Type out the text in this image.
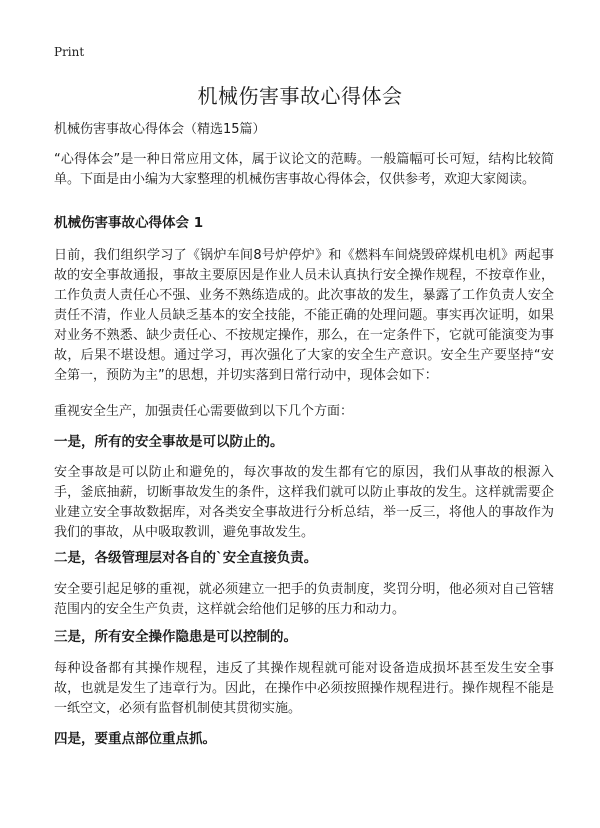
Print
机械伤害事故心得体会

机械伤害事故心得体会（精选15篇）

“心得体会”是一种日常应用文体，属于议论文的范畴。一般篇幅可长可短，结构比较简单。下面是由小编为大家整理的机械伤害事故心得体会，仅供参考，欢迎大家阅读。

机械伤害事故心得体会 1

日前，我们组织学习了《锅炉车间8号炉停炉》和《燃料车间烧毁碎煤机电机》两起事故的安全事故通报，事故主要原因是作业人员未认真执行安全操作规程，不按章作业，工作负责人责任心不强、业务不熟练造成的。此次事故的发生，暴露了工作负责人安全责任不清，作业人员缺乏基本的安全技能，不能正确的处理问题。事实再次证明，如果对业务不熟悉、缺少责任心、不按规定操作，那么，在一定条件下，它就可能演变为事故，后果不堪设想。通过学习，再次强化了大家的安全生产意识。安全生产要坚持“安全第一，预防为主”的思想，并切实落到日常行动中，现体会如下：

重视安全生产，加强责任心需要做到以下几个方面：

一是，所有的安全事故是可以防止的。

安全事故是可以防止和避免的，每次事故的发生都有它的原因，我们从事故的根源入手，釜底抽薪，切断事故发生的条件，这样我们就可以防止事故的发生。这样就需要企业建立安全事故数据库，对各类安全事故进行分析总结，举一反三，将他人的事故作为我们的事故，从中吸取教训，避免事故发生。

二是，各级管理层对各自的`安全直接负责。

安全要引起足够的重视，就必须建立一把手的负责制度，奖罚分明，他必须对自己管辖范围内的安全生产负责，这样就会给他们足够的压力和动力。

三是，所有安全操作隐患是可以控制的。

每种设备都有其操作规程，违反了其操作规程就可能对设备造成损坏甚至发生安全事故，也就是发生了违章行为。因此，在操作中必须按照操作规程进行。操作规程不能是一纸空文，必须有监督机制使其贯彻实施。

四是，要重点部位重点抓。
